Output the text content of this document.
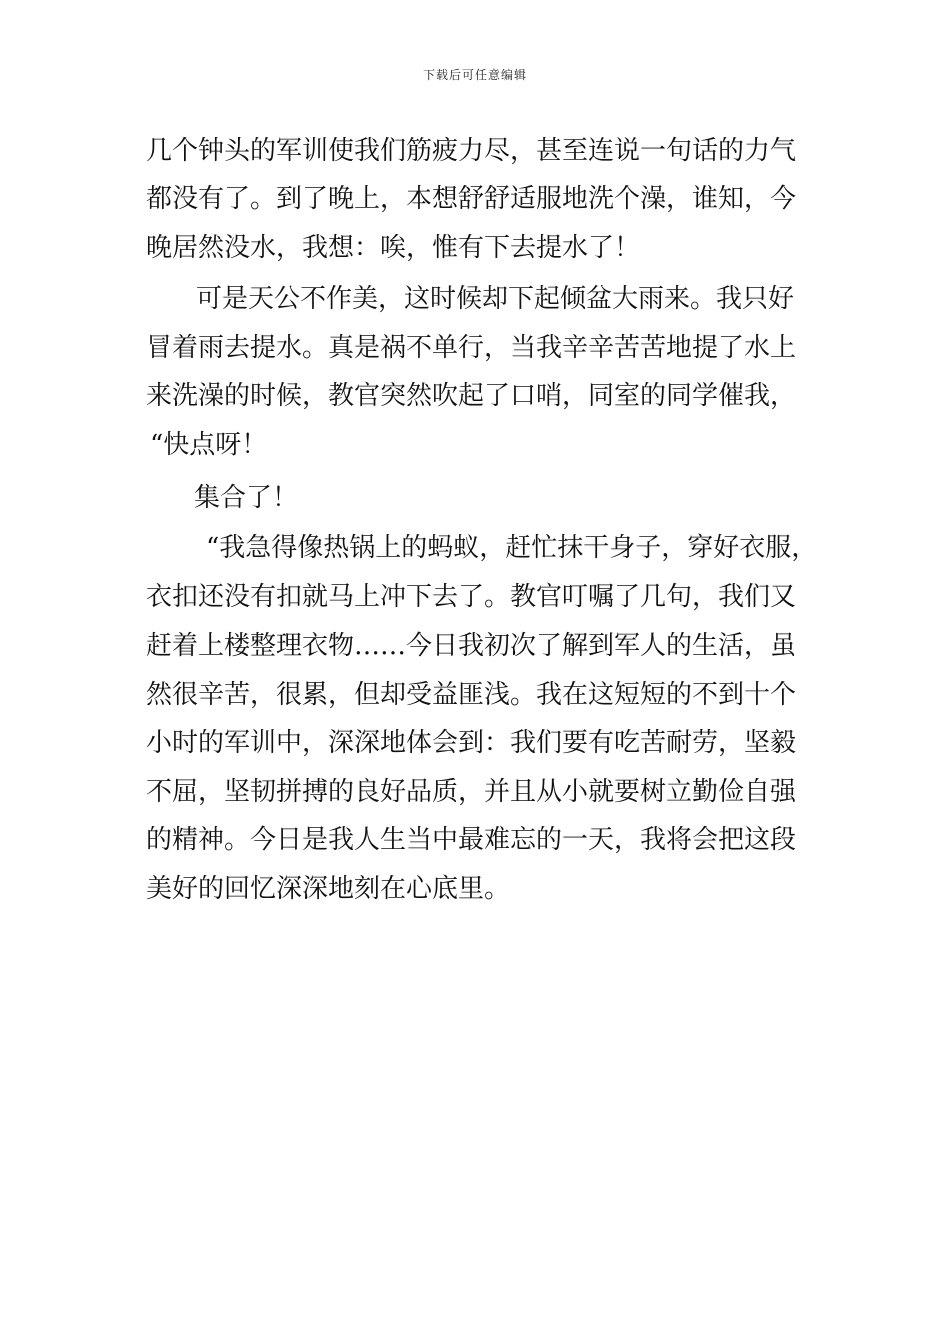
下载后可任意编辑
几个钟头的军训使我们筋疲力尽，甚至连说一句话的力气
都没有了。到了晚上，本想舒舒适服地洗个澡，谁知，今
晚居然没水，我想：唉，惟有下去提水了！
可是天公不作美，这时候却下起倾盆大雨来。我只好
冒着雨去提水。真是祸不单行，当我辛辛苦苦地提了水上
来洗澡的时候，教官突然吹起了口哨，同室的同学催我，
“快点呀！
集合了！
“我急得像热锅上的蚂蚁，赶忙抹干身子，穿好衣服，
衣扣还没有扣就马上冲下去了。教官叮嘱了几句，我们又
赶着上楼整理衣物……今日我初次了解到军人的生活，虽
然很辛苦，很累，但却受益匪浅。我在这短短的不到十个
小时的军训中，深深地体会到：我们要有吃苦耐劳，坚毅
不屈，坚韧拼搏的良好品质，并且从小就要树立勤俭自强
的精神。今日是我人生当中最难忘的一天，我将会把这段
美好的回忆深深地刻在心底里。
